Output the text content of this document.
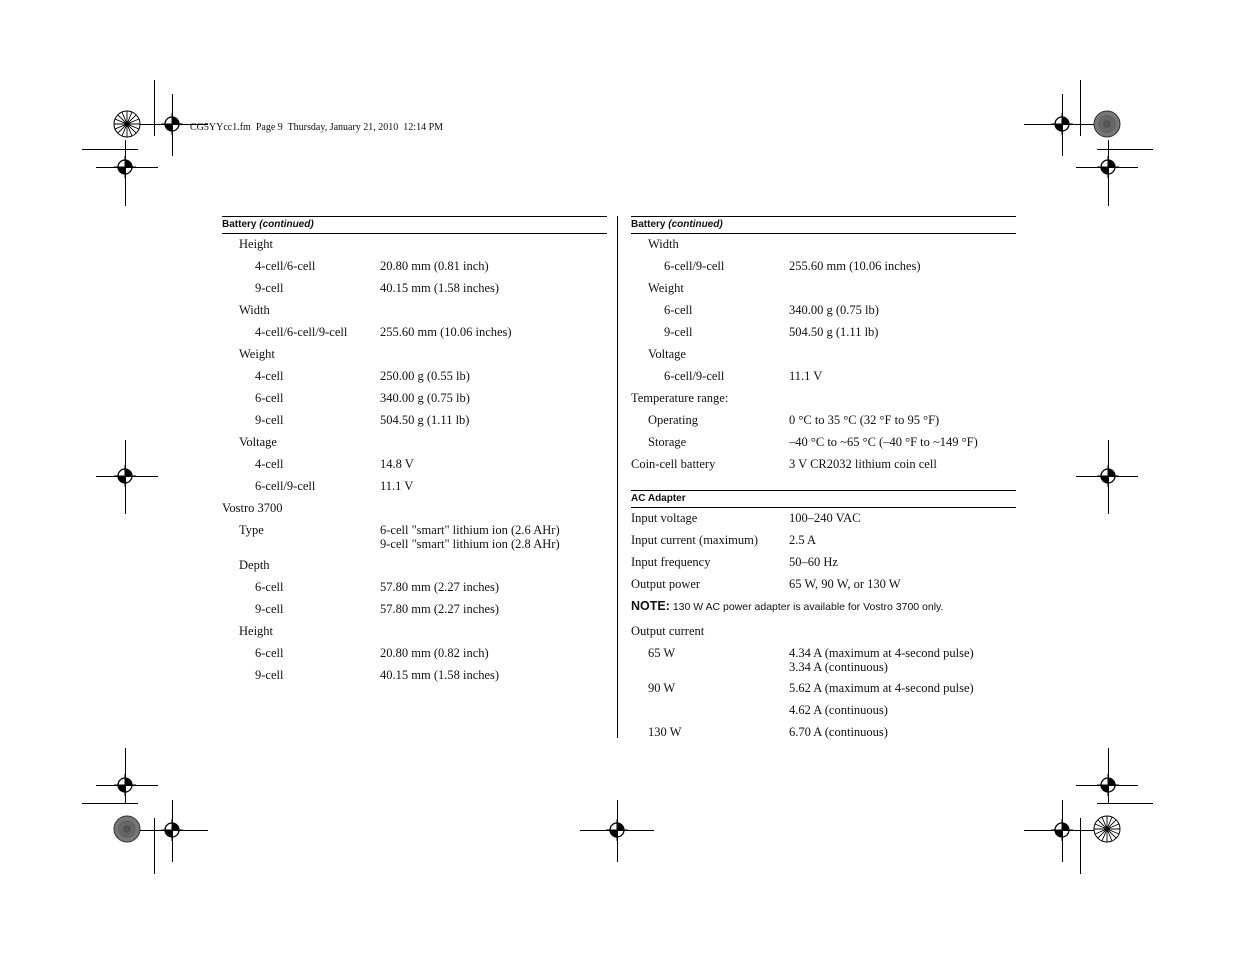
CG5YYcc1.fm  Page 9  Thursday, January 21, 2010  12:14 PM
Battery (continued)
Height
4-cell/6-cell	20.80 mm (0.81 inch)
9-cell	40.15 mm (1.58 inches)
Width
4-cell/6-cell/9-cell	255.60 mm (10.06 inches)
Weight
4-cell	250.00 g (0.55 lb)
6-cell	340.00 g (0.75 lb)
9-cell	504.50 g (1.11 lb)
Voltage
4-cell	14.8 V
6-cell/9-cell	11.1 V
Vostro 3700
Type	6-cell "smart" lithium ion (2.6 AHr)
9-cell "smart" lithium ion (2.8 AHr)
Depth
6-cell	57.80 mm (2.27 inches)
9-cell	57.80 mm (2.27 inches)
Height
6-cell	20.80 mm (0.82 inch)
9-cell	40.15 mm (1.58 inches)
Battery (continued)
Width
6-cell/9-cell	255.60 mm (10.06 inches)
Weight
6-cell	340.00 g (0.75 lb)
9-cell	504.50 g (1.11 lb)
Voltage
6-cell/9-cell	11.1 V
Temperature range:
Operating	0 °C to 35 °C (32 °F to 95 °F)
Storage	–40 °C to ~65 °C (–40 °F to ~149 °F)
Coin-cell battery	3 V CR2032 lithium coin cell
AC Adapter
Input voltage	100–240 VAC
Input current (maximum)	2.5 A
Input frequency	50–60 Hz
Output power	65 W, 90 W, or 130 W
NOTE: 130 W AC power adapter is available for Vostro 3700 only.
Output current
65 W	4.34 A (maximum at 4-second pulse)
3.34 A (continuous)
90 W	5.62 A (maximum at 4-second pulse)
4.62 A (continuous)
130 W	6.70 A (continuous)
